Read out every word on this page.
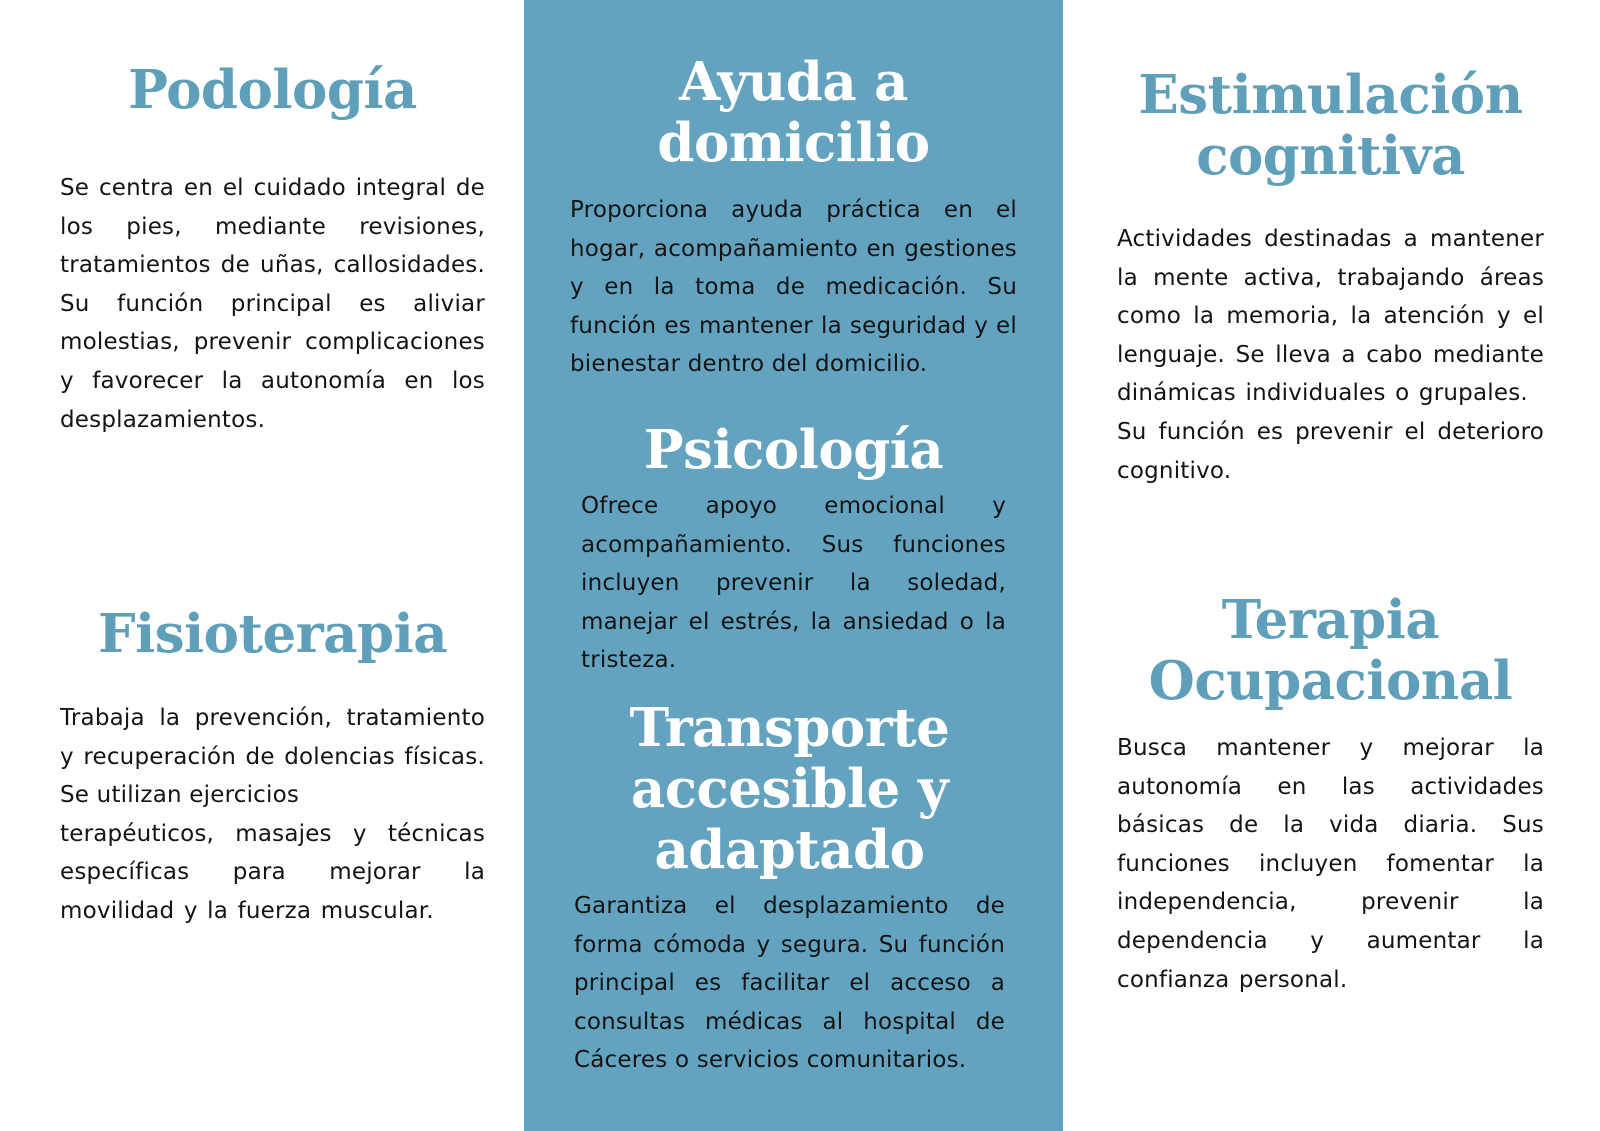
Podología

Se centra en el cuidado integral de los pies, mediante revisiones, tratamientos de uñas, callosidades. Su función principal es aliviar molestias, prevenir complicaciones y favorecer la autonomía en los desplazamientos.

Fisioterapia

Trabaja la prevención, tratamiento y recuperación de dolencias físicas.

Se utilizan ejercicios

terapéuticos, masajes y técnicas específicas para mejorar la movilidad y la fuerza muscular.

Ayuda a
domicilio

Proporciona ayuda práctica en el hogar, acompañamiento en gestiones y en la toma de medicación. Su función es mantener la seguridad y el bienestar dentro del domicilio.

Psicología

Ofrece apoyo emocional y acompañamiento. Sus funciones incluyen prevenir la soledad, manejar el estrés, la ansiedad o la tristeza.

Transporte
accesible y
adaptado

Garantiza el desplazamiento de forma cómoda y segura. Su función principal es facilitar el acceso a consultas médicas al hospital de Cáceres o servicios comunitarios.

Estimulación
cognitiva

Actividades destinadas a mantener la mente activa, trabajando áreas como la memoria, la atención y el lenguaje. Se lleva a cabo mediante dinámicas individuales o grupales.

Su función es prevenir el deterioro cognitivo.

Terapia
Ocupacional

Busca mantener y mejorar la autonomía en las actividades básicas de la vida diaria. Sus funciones incluyen fomentar la independencia, prevenir la dependencia y aumentar la confianza personal.
